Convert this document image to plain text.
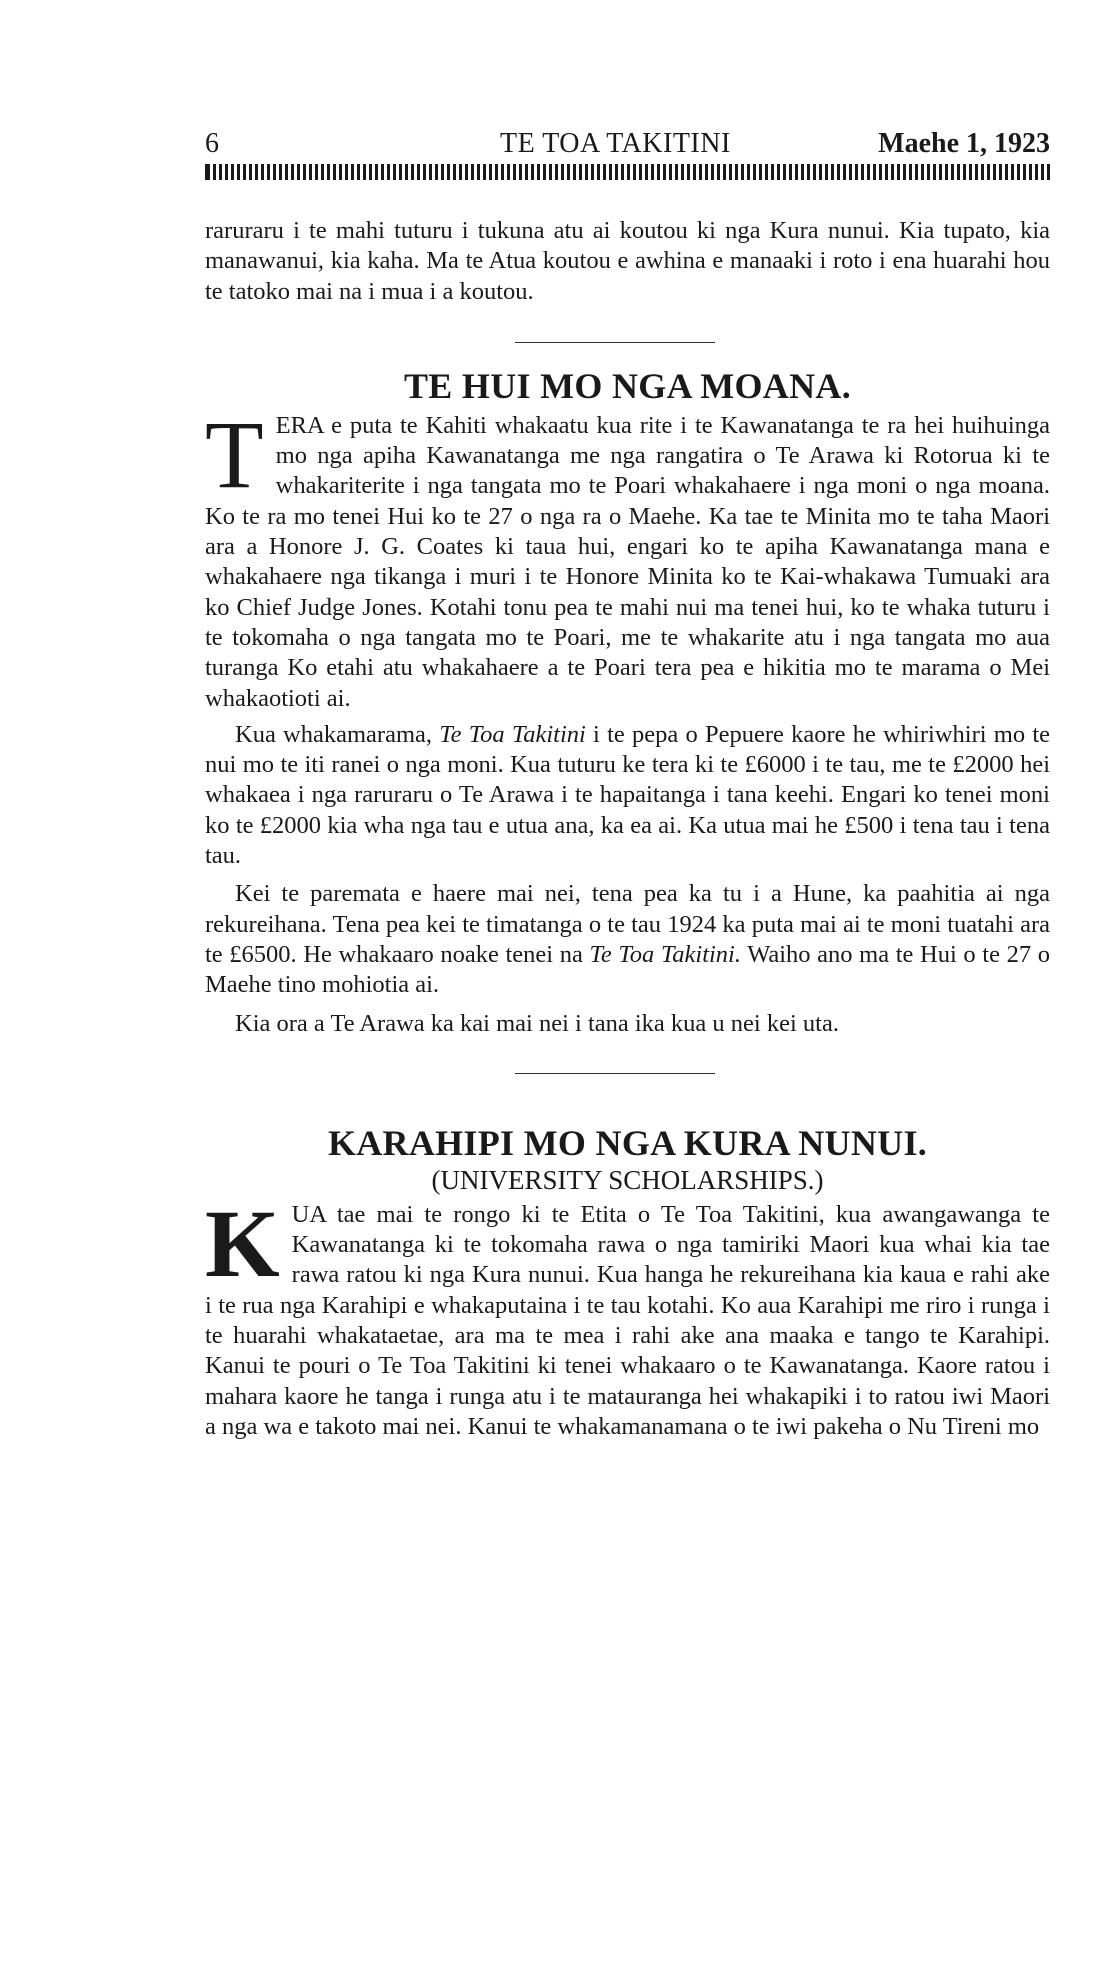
6	TE TOA TAKITINI	Maehe 1, 1923

raruraru i te mahi tuturu i tukuna atu ai koutou ki nga Kura nunui. Kia tupato, kia manawanui, kia kaha. Ma te Atua koutou e awhina e manaaki i roto i ena huarahi hou te tatoko mai na i mua i a koutou.

TE HUI MO NGA MOANA.

TERA e puta te Kahiti whakaatu kua rite i te Kawanatanga te ra hei huihuinga mo nga apiha Kawanatanga me nga rangatira o Te Arawa ki Rotorua ki te whakariterite i nga tangata mo te Poari whakahaere i nga moni o nga moana. Ko te ra mo tenei Hui ko te 27 o nga ra o Maehe. Ka tae te Minita mo te taha Maori ara a Honore J. G. Coates ki taua hui, engari ko te apiha Kawanatanga mana e whakahaere nga tikanga i muri i te Honore Minita ko te Kai-whakawa Tumuaki ara ko Chief Judge Jones. Kotahi tonu pea te mahi nui ma tenei hui, ko te whaka tuturu i te tokomaha o nga tangata mo te Poari, me te whakarite atu i nga tangata mo aua turanga Ko etahi atu whakahaere a te Poari tera pea e hikitia mo te marama o Mei whakaotioti ai.

Kua whakamarama, Te Toa Takitini i te pepa o Pepuere kaore he whiriwhiri mo te nui mo te iti ranei o nga moni. Kua tuturu ke tera ki te £6000 i te tau, me te £2000 hei whakaea i nga raruraru o Te Arawa i te hapaitanga i tana keehi. Engari ko tenei moni ko te £2000 kia wha nga tau e utua ana, ka ea ai. Ka utua mai he £500 i tena tau i tena tau.

Kei te paremata e haere mai nei, tena pea ka tu i a Hune, ka paahitia ai nga rekureihana. Tena pea kei te timatanga o te tau 1924 ka puta mai ai te moni tuatahi ara te £6500. He whakaaro noake tenei na Te Toa Takitini. Waiho ano ma te Hui o te 27 o Maehe tino mohiotia ai.

Kia ora a Te Arawa ka kai mai nei i tana ika kua u nei kei uta.

KARAHIPI MO NGA KURA NUNUI.
(UNIVERSITY SCHOLARSHIPS.)

KUA tae mai te rongo ki te Etita o Te Toa Takitini, kua awangawanga te Kawanatanga ki te tokomaha rawa o nga tamiriki Maori kua whai kia tae rawa ratou ki nga Kura nunui. Kua hanga he rekureihana kia kaua e rahi ake i te rua nga Karahipi e whakaputaina i te tau kotahi. Ko aua Karahipi me riro i runga i te huarahi whakataetae, ara ma te mea i rahi ake ana maaka e tango te Karahipi. Kanui te pouri o Te Toa Takitini ki tenei whakaaro o te Kawanatanga. Kaore ratou i mahara kaore he tanga i runga atu i te matauranga hei whakapiki i to ratou iwi Maori a nga wa e takoto mai nei. Kanui te whakamanamana o te iwi pakeha o Nu Tireni mo
